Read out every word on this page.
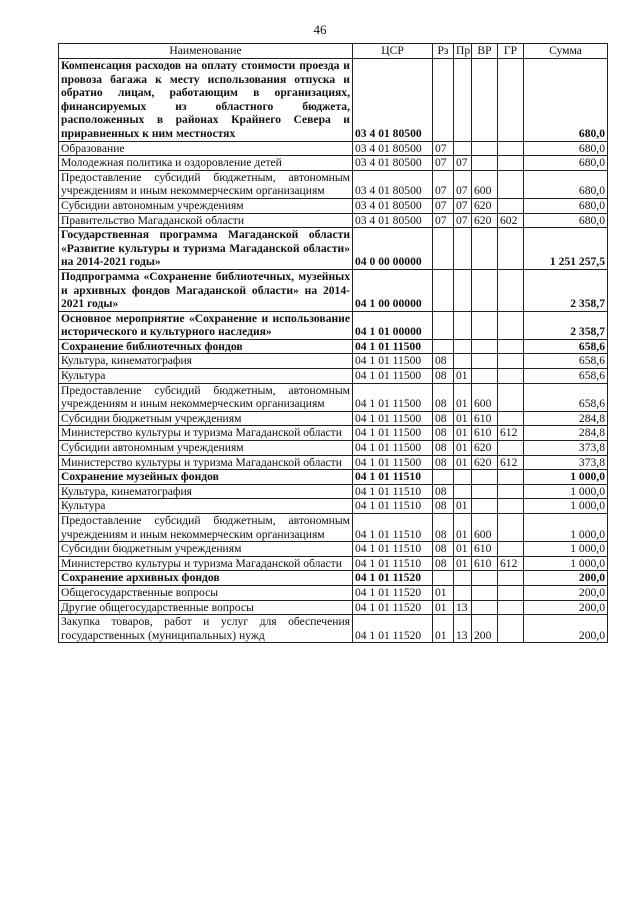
46
Наименование	ЦСР	Рз	Пр	ВР	ГР	Сумма
Компенсация расходов на оплату стоимости проезда и провоза багажа к месту использования отпуска и обратно лицам, работающим в организациях, финансируемых из областного бюджета, расположенных в районах Крайнего Севера и приравненных к ним местностях	03 4 01 80500					680,0
Образование	03 4 01 80500	07				680,0
Молодежная политика и оздоровление детей	03 4 01 80500	07	07			680,0
Предоставление субсидий бюджетным, автономным учреждениям и иным некоммерческим организациям	03 4 01 80500	07	07	600		680,0
Субсидии автономным учреждениям	03 4 01 80500	07	07	620		680,0
Правительство Магаданской области	03 4 01 80500	07	07	620	602	680,0
Государственная программа Магаданской области «Развитие культуры и туризма Магаданской области» на 2014-2021 годы»	04 0 00 00000					1 251 257,5
Подпрограмма «Сохранение библиотечных, музейных и архивных фондов Магаданской области» на 2014-2021 годы»	04 1 00 00000					2 358,7
Основное мероприятие «Сохранение и использование исторического и культурного наследия»	04 1 01 00000					2 358,7
Сохранение библиотечных фондов	04 1 01 11500					658,6
Культура, кинематография	04 1 01 11500	08				658,6
Культура	04 1 01 11500	08	01			658,6
Предоставление субсидий бюджетным, автономным учреждениям и иным некоммерческим организациям	04 1 01 11500	08	01	600		658,6
Субсидии бюджетным учреждениям	04 1 01 11500	08	01	610		284,8
Министерство культуры и туризма Магаданской области	04 1 01 11500	08	01	610	612	284,8
Субсидии автономным учреждениям	04 1 01 11500	08	01	620		373,8
Министерство культуры и туризма Магаданской области	04 1 01 11500	08	01	620	612	373,8
Сохранение музейных фондов	04 1 01 11510					1 000,0
Культура, кинематография	04 1 01 11510	08				1 000,0
Культура	04 1 01 11510	08	01			1 000,0
Предоставление субсидий бюджетным, автономным учреждениям и иным некоммерческим организациям	04 1 01 11510	08	01	600		1 000,0
Субсидии бюджетным учреждениям	04 1 01 11510	08	01	610		1 000,0
Министерство культуры и туризма Магаданской области	04 1 01 11510	08	01	610	612	1 000,0
Сохранение архивных фондов	04 1 01 11520					200,0
Общегосударственные вопросы	04 1 01 11520	01				200,0
Другие общегосударственные вопросы	04 1 01 11520	01	13			200,0
Закупка товаров, работ и услуг для обеспечения государственных (муниципальных) нужд	04 1 01 11520	01	13	200		200,0
